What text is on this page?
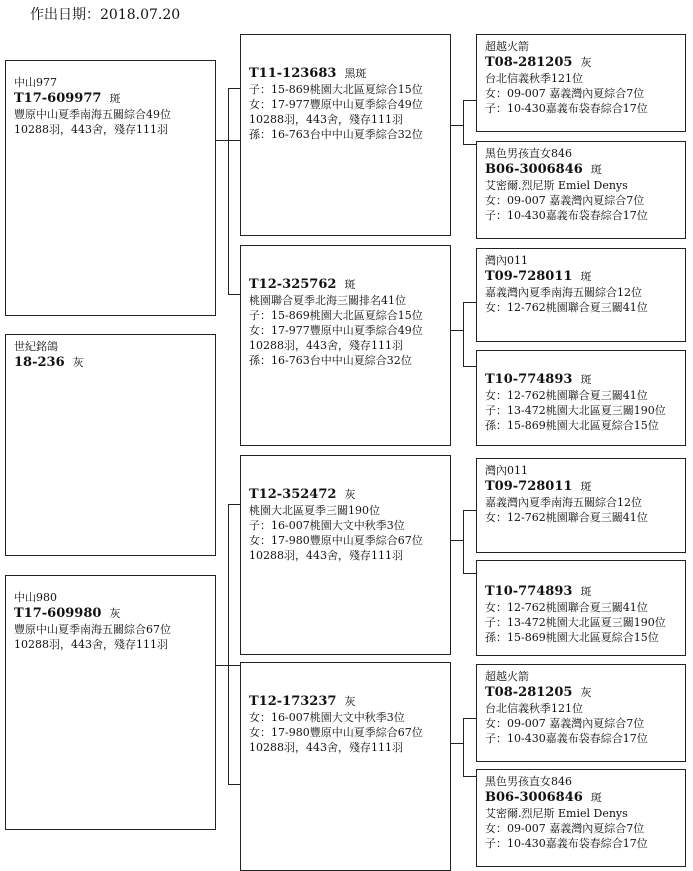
作出日期：2018.07.20
中山977
T17-609977 斑
豐原中山夏季南海五關綜合49位
10288羽，443舍，殘存111羽
世紀銘鴿
18-236 灰
中山980
T17-609980 灰
豐原中山夏季南海五關綜合67位
10288羽，443舍，殘存111羽
T11-123683 黑斑
子：15-869桃園大北區夏綜合15位
女：17-977豐原中山夏季綜合49位
10288羽，443舍，殘存111羽
孫：16-763台中中山夏季綜合32位
T12-325762 斑
桃園聯合夏季北海三關排名41位
子：15-869桃園大北區夏綜合15位
女：17-977豐原中山夏季綜合49位
10288羽，443舍，殘存111羽
孫：16-763台中中山夏綜合32位
T12-352472 灰
桃園大北區夏季三關190位
子：16-007桃園大文中秋季3位
女：17-980豐原中山夏季綜合67位
10288羽，443舍，殘存111羽
T12-173237 灰
女：16-007桃園大文中秋季3位
女：17-980豐原中山夏季綜合67位
10288羽，443舍，殘存111羽
超越火箭
T08-281205 灰
台北信義秋季121位
女：09-007 嘉義灣內夏綜合7位
子：10-430嘉義布袋春綜合17位
黑色男孩直女846
B06-3006846 斑
艾密爾.烈尼斯 Emiel Denys
女：09-007 嘉義灣內夏綜合7位
子：10-430嘉義布袋春綜合17位
灣內011
T09-728011 斑
嘉義灣內夏季南海五關綜合12位
女：12-762桃園聯合夏三關41位
T10-774893 斑
女：12-762桃園聯合夏三關41位
子：13-472桃園大北區夏三關190位
孫：15-869桃園大北區夏綜合15位
灣內011
T09-728011 斑
嘉義灣內夏季南海五關綜合12位
女：12-762桃園聯合夏三關41位
T10-774893 斑
女：12-762桃園聯合夏三關41位
子：13-472桃園大北區夏三關190位
孫：15-869桃園大北區夏綜合15位
超越火箭
T08-281205 灰
台北信義秋季121位
女：09-007 嘉義灣內夏綜合7位
子：10-430嘉義布袋春綜合17位
黑色男孩直女846
B06-3006846 斑
艾密爾.烈尼斯 Emiel Denys
女：09-007 嘉義灣內夏綜合7位
子：10-430嘉義布袋春綜合17位
